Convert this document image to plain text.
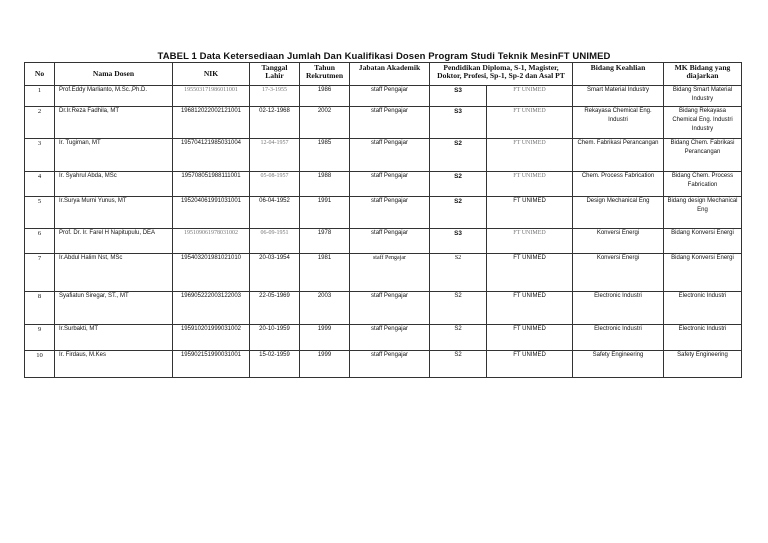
TABEL 1 Data Ketersediaan Jumlah Dan Kualifikasi Dosen Program Studi Teknik MesinFT UNIMED
No	Nama Dosen	NIK	Tanggal Lahir	Tahun Rekrutmen	Jabatan Akademik	Pendidikan Diploma, S-1, Magister, Doktor, Profesi, Sp-1, Sp-2 dan Asal PT		Bidang Keahlian	MK Bidang yang diajarkan
1	Prof.Eddy Marlianto, M.Sc.,Ph.D.	195503171986011001	17-3-1955	1986	staff Pengajar	S3	FT UNIMED	Smart Material Industry	Bidang Smart Material Industry
2	Dr.Ir.Reza Fadhila, MT	196812022002121001	02-12-1968	2002	staff Pengajar	S3	FT UNIMED	Rekayasa Chemical Eng. Industri	Bidang Rekayasa Chemical Eng. Industri Industry
3	Ir. Tugiman, MT	195704121985031004	12-04-1957	1985	staff Pengajar	S2	FT UNIMED	Chem. Fabrikasi Perancangan	Bidang Chem. Fabrikasi Perancangan
4	Ir. Syahrul Abda, MSc	195708051988111001	05-08-1957	1988	staff Pengajar	S2	FT UNIMED	Chem. Process Fabrication	Bidang Chem. Process Fabrication
5	Ir.Surya Murni Yunus, MT	195204061991031001	06-04-1952	1991	staff Pengajar	S2	FT UNIMED	Design Mechanical Eng	Bidang design Mechanical Eng
6	Prof. Dr. Ir. Farel H Napitupulu, DEA	195109061978031002	06-09-1951	1978	staff Pengajar	S3	FT UNIMED	Konversi Energi	Bidang Konversi Energi
7	Ir.Abdul Halim Nst, MSc	195403201981021010	20-03-1954	1981	staff Pengajar	S2	FT UNIMED	Konversi Energi	Bidang Konversi Energi
8	Syafiatun Siregar, ST., MT	196905222003122003	22-05-1969	2003	staff Pengajar	S2	FT UNIMED	Electronic Industri	Electronic Industri
9	Ir.Surbakti, MT	195910201999031002	20-10-1959	1999	staff Pengajar	S2	FT UNIMED	Electronic Industri	Electronic Industri
10	Ir. Firdaus, M.Kes	195902151990031001	15-02-1959	1999	staff Pengajar	S2	FT UNIMED	Safety Engineering	Safety Engineering
